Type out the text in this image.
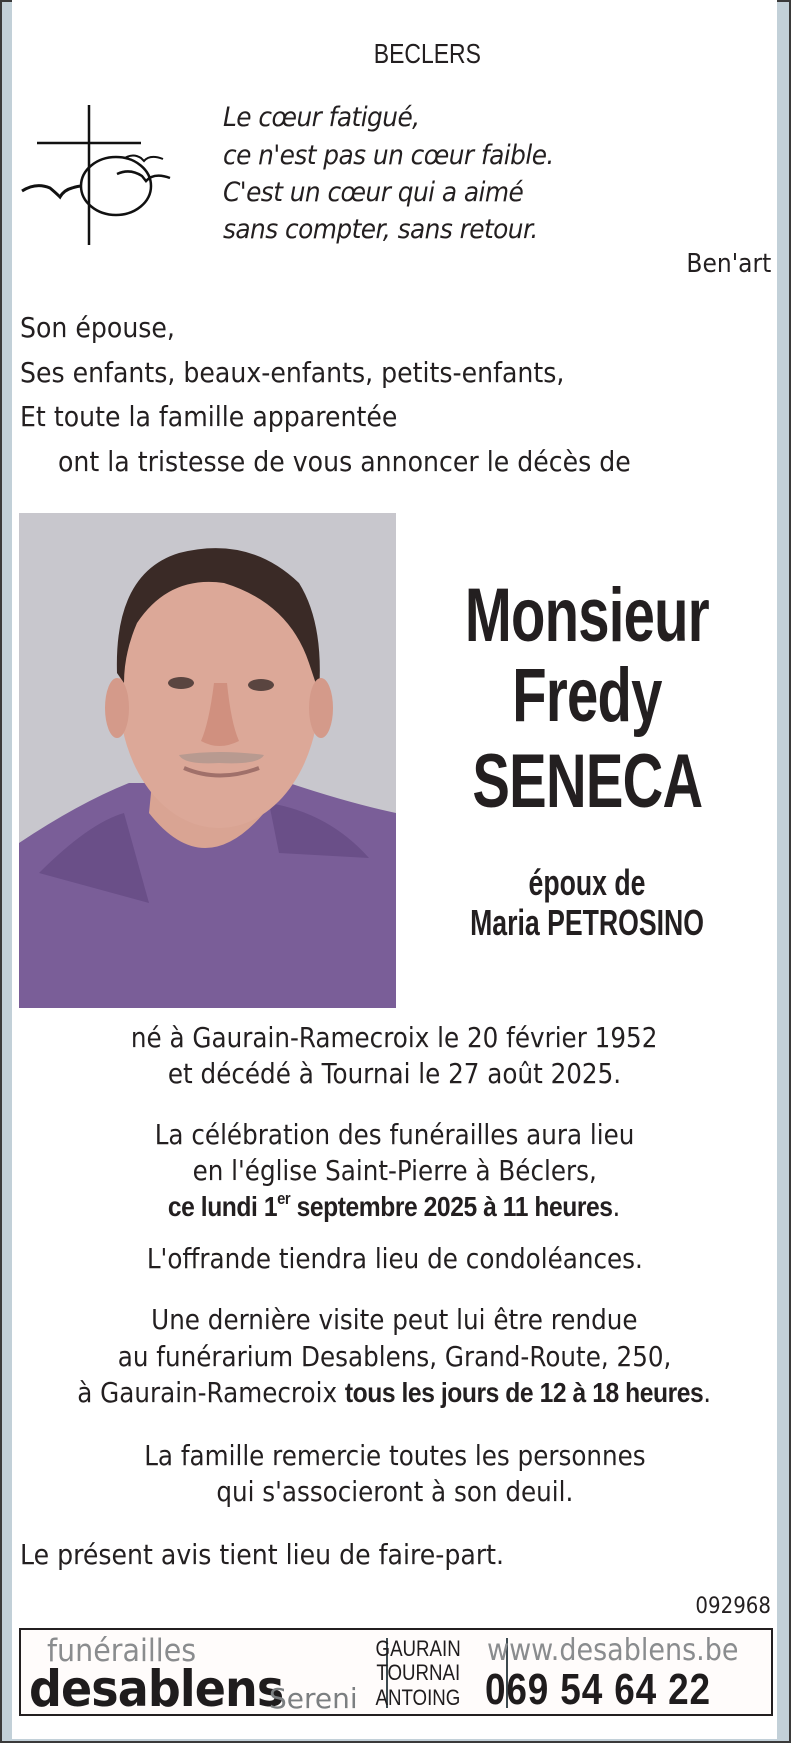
BECLERS
Le cœur fatigué,
ce n'est pas un cœur faible.
C'est un cœur qui a aimé
sans compter, sans retour.
Ben'art
Son épouse,
Ses enfants, beaux-enfants, petits-enfants,
Et toute la famille apparentée
ont la tristesse de vous annoncer le décès de
Monsieur
Fredy
SENECA
époux de
Maria PETROSINO
né à Gaurain-Ramecroix le 20 février 1952
et décédé à Tournai le 27 août 2025.
La célébration des funérailles aura lieu
en l'église Saint-Pierre à Béclers,
ce lundi 1er septembre 2025 à 11 heures.
L'offrande tiendra lieu de condoléances.
Une dernière visite peut lui être rendue
au funérarium Desablens, Grand-Route, 250,
à Gaurain-Ramecroix tous les jours de 12 à 18 heures.
La famille remercie toutes les personnes
qui s'associeront à son deuil.
Le présent avis tient lieu de faire-part.
092968
funérailles
desablens
Sereni
GAURAIN
TOURNAI
ANTOING
www.desablens.be
069 54 64 22
